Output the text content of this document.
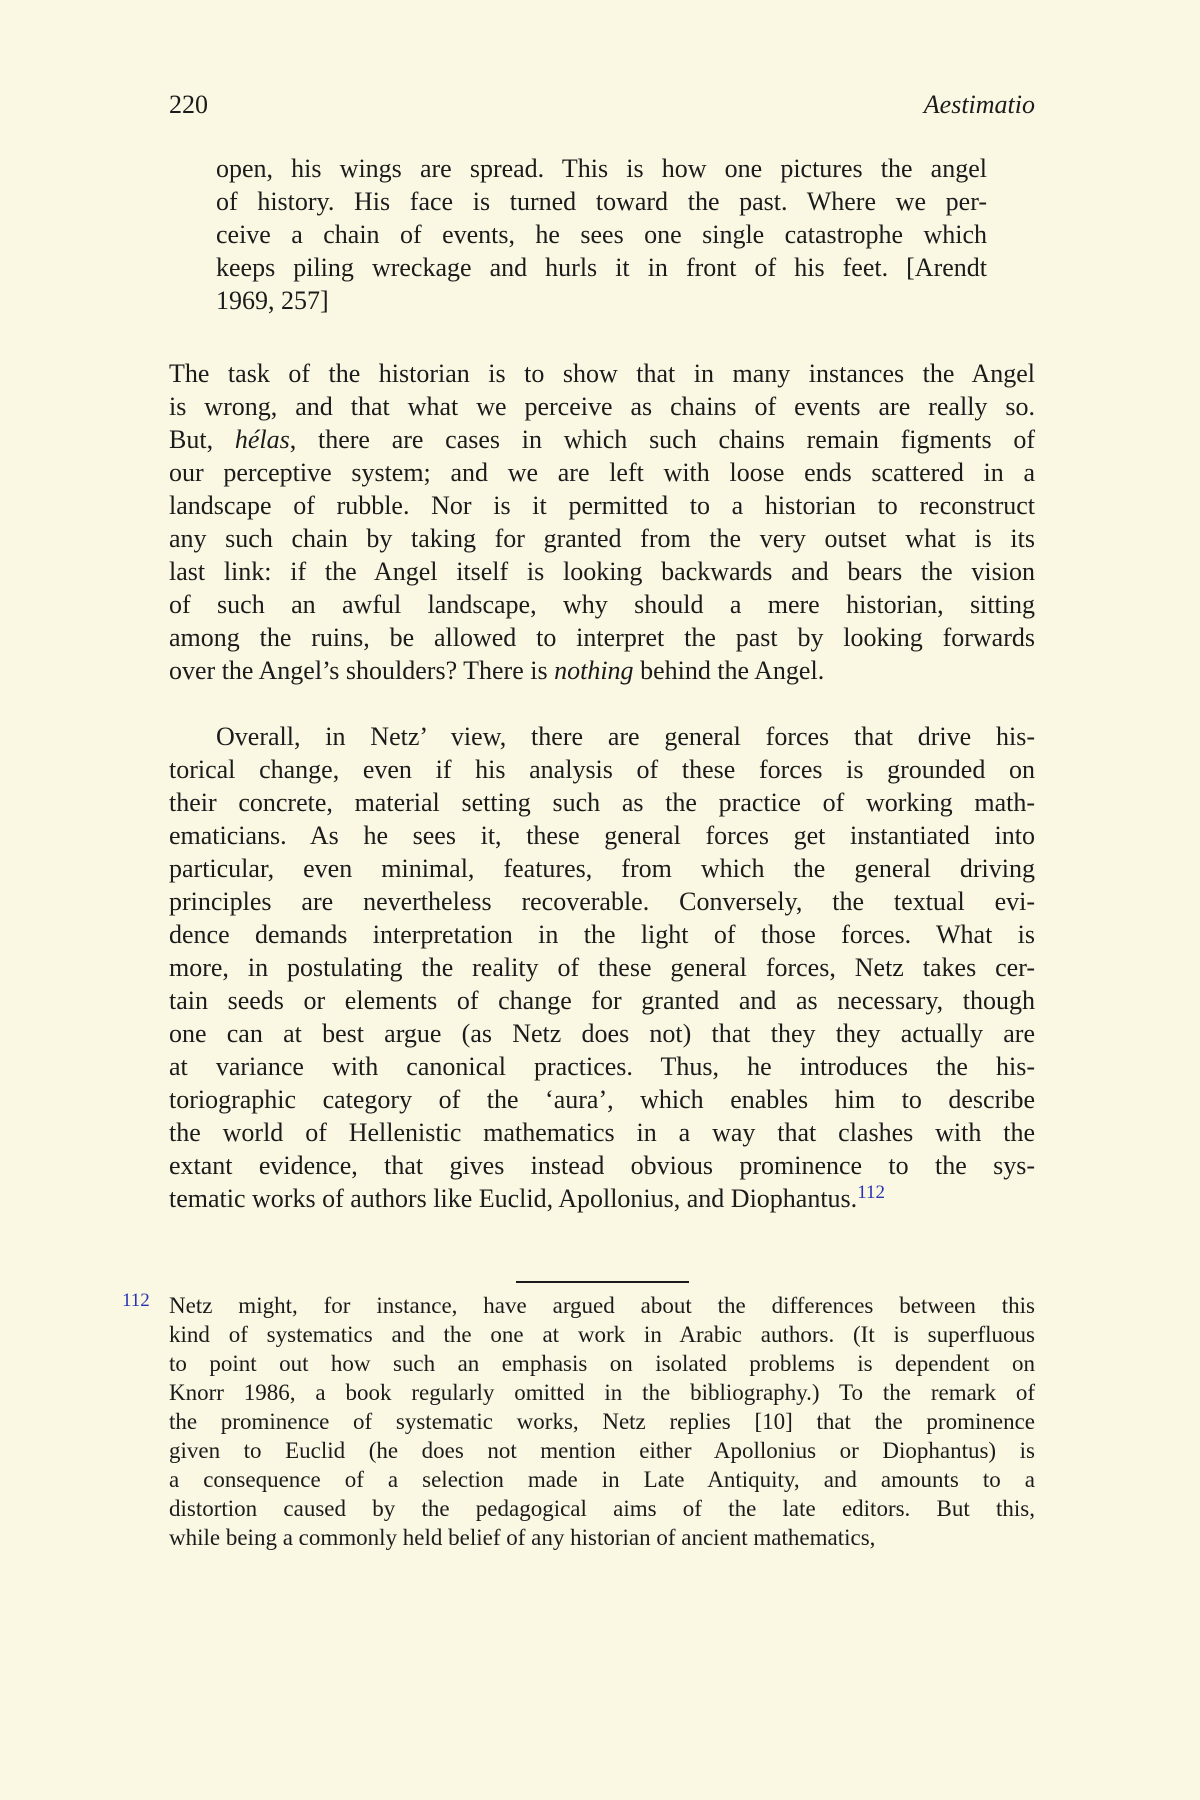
220	Aestimatio
open, his wings are spread. This is how one pictures the angel
of history. His face is turned toward the past. Where we per-
ceive a chain of events, he sees one single catastrophe which
keeps piling wreckage and hurls it in front of his feet. [Arendt
1969, 257]
The task of the historian is to show that in many instances the Angel
is wrong, and that what we perceive as chains of events are really so.
But, hélas, there are cases in which such chains remain figments of
our perceptive system; and we are left with loose ends scattered in a
landscape of rubble. Nor is it permitted to a historian to reconstruct
any such chain by taking for granted from the very outset what is its
last link: if the Angel itself is looking backwards and bears the vision
of such an awful landscape, why should a mere historian, sitting
among the ruins, be allowed to interpret the past by looking forwards
over the Angel’s shoulders? There is nothing behind the Angel.
Overall, in Netz’ view, there are general forces that drive his-
torical change, even if his analysis of these forces is grounded on
their concrete, material setting such as the practice of working math-
ematicians. As he sees it, these general forces get instantiated into
particular, even minimal, features, from which the general driving
principles are nevertheless recoverable. Conversely, the textual evi-
dence demands interpretation in the light of those forces. What is
more, in postulating the reality of these general forces, Netz takes cer-
tain seeds or elements of change for granted and as necessary, though
one can at best argue (as Netz does not) that they they actually are
at variance with canonical practices. Thus, he introduces the his-
toriographic category of the ‘aura’, which enables him to describe
the world of Hellenistic mathematics in a way that clashes with the
extant evidence, that gives instead obvious prominence to the sys-
tematic works of authors like Euclid, Apollonius, and Diophantus.$^{112}$
112 Netz might, for instance, have argued about the differences between this
kind of systematics and the one at work in Arabic authors. (It is superfluous
to point out how such an emphasis on isolated problems is dependent on
Knorr 1986, a book regularly omitted in the bibliography.) To the remark of
the prominence of systematic works, Netz replies [10] that the prominence
given to Euclid (he does not mention either Apollonius or Diophantus) is
a consequence of a selection made in Late Antiquity, and amounts to a
distortion caused by the pedagogical aims of the late editors. But this,
while being a commonly held belief of any historian of ancient mathematics,
